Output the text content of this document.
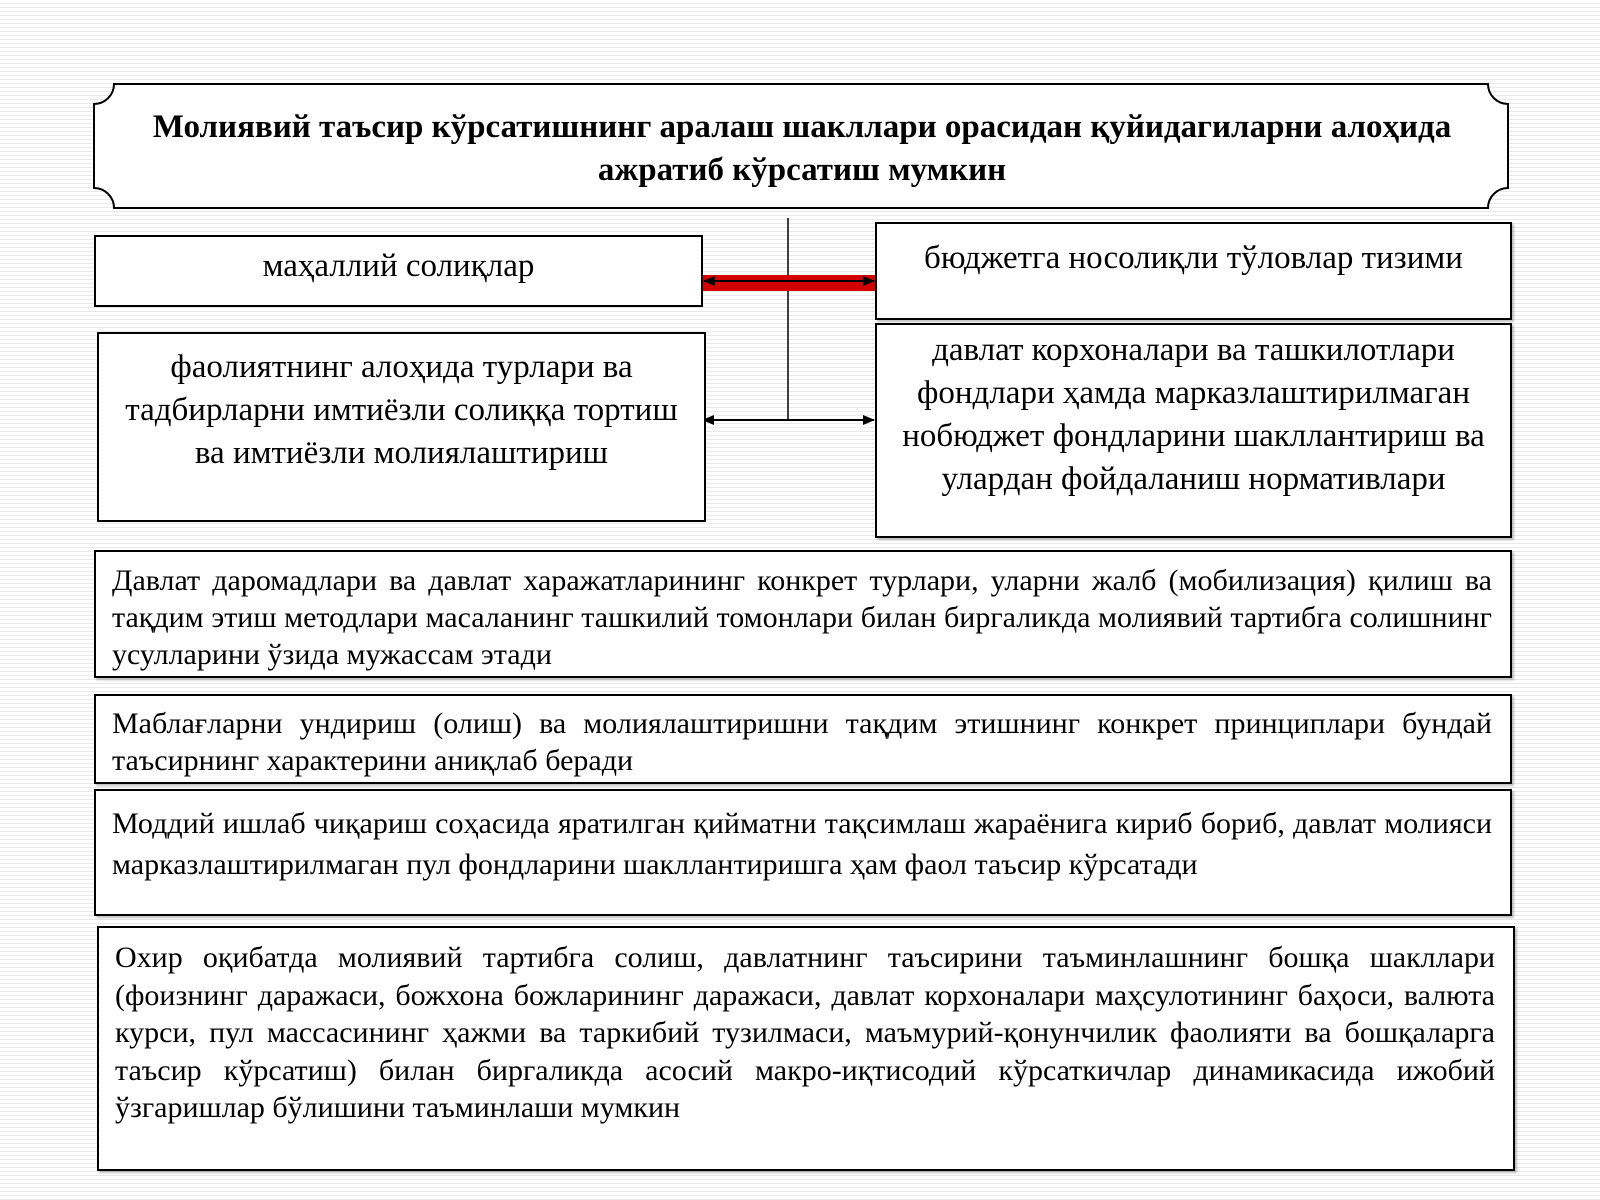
Молиявий таъсир кўрсатишнинг аралаш шакллари орасидан қуйидагиларни алоҳида ажратиб кўрсатиш мумкин
маҳаллий солиқлар	бюджетга носолиқли тўловлар тизими
фаолиятнинг алоҳида турлари ва тадбирларни имтиёзли солиққа тортиш ва имтиёзли молиялаштириш
давлат корхоналари ва ташкилотлари фондлари ҳамда марказлаштирилмаган нобюджет фондларини шакллантириш ва улардан фойдаланиш нормативлари
Давлат даромадлари ва давлат харажатларининг конкрет турлари, уларни жалб (мобилизация) қилиш ва тақдим этиш методлари масаланинг ташкилий томонлари билан биргаликда молиявий тартибга солишнинг усулларини ўзида мужассам этади
Маблағларни ундириш (олиш) ва молиялаштиришни тақдим этишнинг конкрет принциплари бундай таъсирнинг характерини аниқлаб беради
Моддий ишлаб чиқариш соҳасида яратилган қийматни тақсимлаш жараёнига кириб бориб, давлат молияси марказлаштирилмаган пул фондларини шакллантиришга ҳам фаол таъсир кўрсатади
Охир оқибатда молиявий тартибга солиш, давлатнинг таъсирини таъминлашнинг бошқа шакллари (фоизнинг даражаси, божхона божларининг даражаси, давлат корхоналари маҳсулотининг баҳоси, валюта курси, пул массасининг ҳажми ва таркибий тузилмаси, маъмурий-қонунчилик фаолияти ва бошқаларга таъсир кўрсатиш) билан биргаликда асосий макро-иқтисодий кўрсаткичлар динамикасида ижобий ўзгаришлар бўлишини таъминлаши мумкин
